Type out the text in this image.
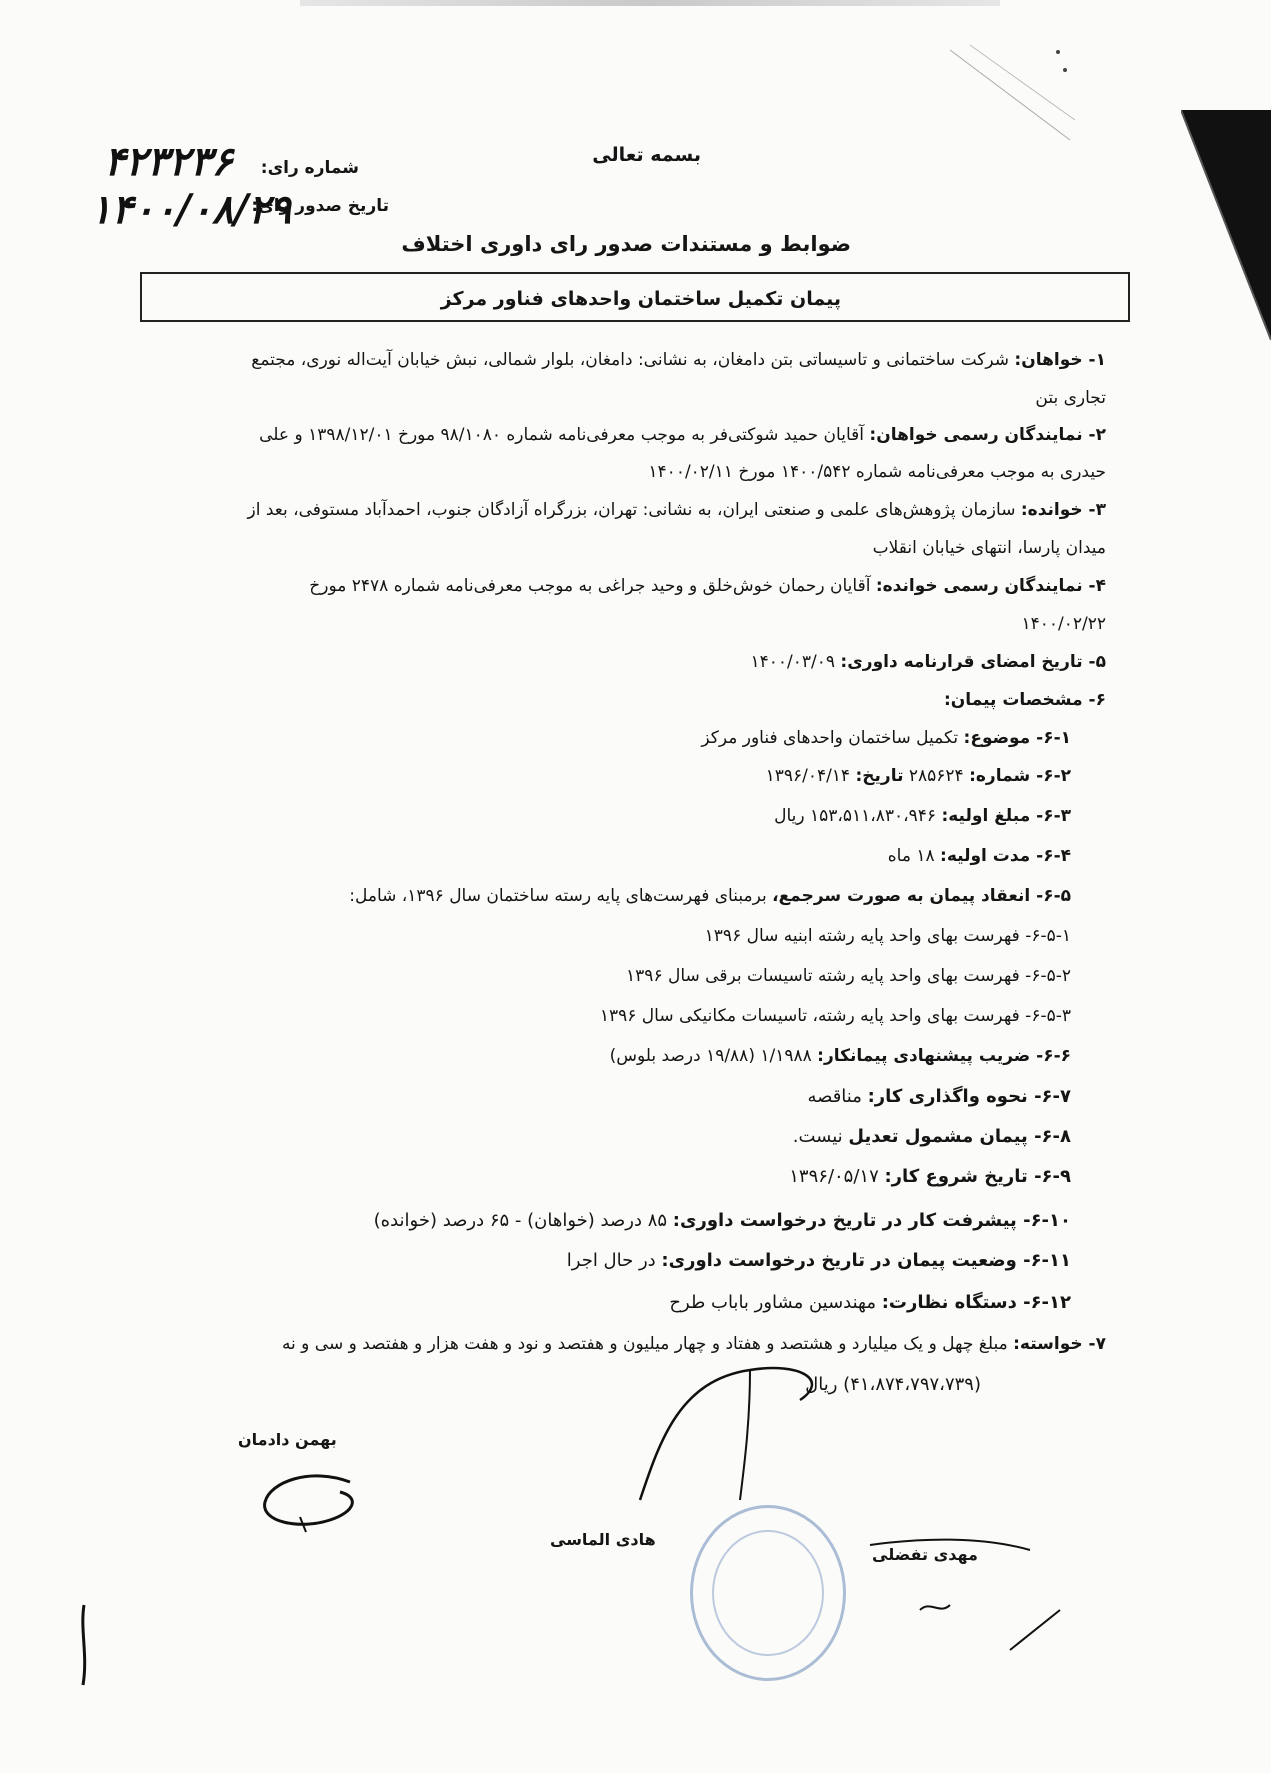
بسمه تعالی
شماره رای:
۴۲۳۲۳۶
تاریخ صدور رای:
۱۴۰۰/۰۸/۲۹
ضوابط و مستندات صدور رای داوری اختلاف
پیمان تکمیل ساختمان واحدهای فناور مرکز
۱- خواهان: شرکت ساختمانی و تاسیساتی بتن دامغان، به نشانی: دامغان، بلوار شمالی، نبش خیابان آیت‌اله نوری، مجتمع
تجاری بتن
۲- نمایندگان رسمی خواهان: آقایان حمید شوکتی‌فر به موجب معرفی‌نامه شماره ۹۸/۱۰۸۰ مورخ ۱۳۹۸/۱۲/۰۱ و علی
حیدری به موجب معرفی‌نامه شماره ۱۴۰۰/۵۴۲ مورخ ۱۴۰۰/۰۲/۱۱
۳- خوانده: سازمان پژوهش‌های علمی و صنعتی ایران، به نشانی: تهران، بزرگراه آزادگان جنوب، احمدآباد مستوفی، بعد از
میدان پارسا، انتهای خیابان انقلاب
۴- نمایندگان رسمی خوانده: آقایان رحمان خوش‌خلق و وحید جراغی به موجب معرفی‌نامه شماره ۲۴۷۸ مورخ
۱۴۰۰/۰۲/۲۲
۵- تاریخ امضای قرارنامه داوری: ۱۴۰۰/۰۳/۰۹
۶- مشخصات پیمان:
۶-۱- موضوع: تکمیل ساختمان واحدهای فناور مرکز
۶-۲- شماره: ۲۸۵۶۲۴ تاریخ: ۱۳۹۶/۰۴/۱۴
۶-۳- مبلغ اولیه: ۱۵۳،۵۱۱،۸۳۰،۹۴۶ ریال
۶-۴- مدت اولیه: ۱۸ ماه
۶-۵- انعقاد پیمان به صورت سرجمع، برمبنای فهرست‌های پایه رسته ساختمان سال ۱۳۹۶، شامل:
۶-۵-۱- فهرست بهای واحد پایه رشته ابنیه سال ۱۳۹۶
۶-۵-۲- فهرست بهای واحد پایه رشته تاسیسات برقی سال ۱۳۹۶
۶-۵-۳- فهرست بهای واحد پایه رشته، تاسیسات مکانیکی سال ۱۳۹۶
۶-۶- ضریب پیشنهادی پیمانکار: ۱/۱۹۸۸ (۱۹/۸۸ درصد بلوس)
۶-۷- نحوه واگذاری کار: مناقصه
۶-۸- پیمان مشمول تعدیل نیست.
۶-۹- تاریخ شروع کار: ۱۳۹۶/۰۵/۱۷
۶-۱۰- پیشرفت کار در تاریخ درخواست داوری: ۸۵ درصد (خواهان) - ۶۵ درصد (خوانده)
۶-۱۱- وضعیت پیمان در تاریخ درخواست داوری: در حال اجرا
۶-۱۲- دستگاه نظارت: مهندسین مشاور باباب طرح
۷- خواسته: مبلغ چهل و یک میلیارد و هشتصد و هفتاد و چهار میلیون و هفتصد و نود و هفت هزار و هفتصد و سی و نه
(۴۱،۸۷۴،۷۹۷،۷۳۹) ریال
بهمن دادمان
هادی الماسی
مهدی تفضلی
